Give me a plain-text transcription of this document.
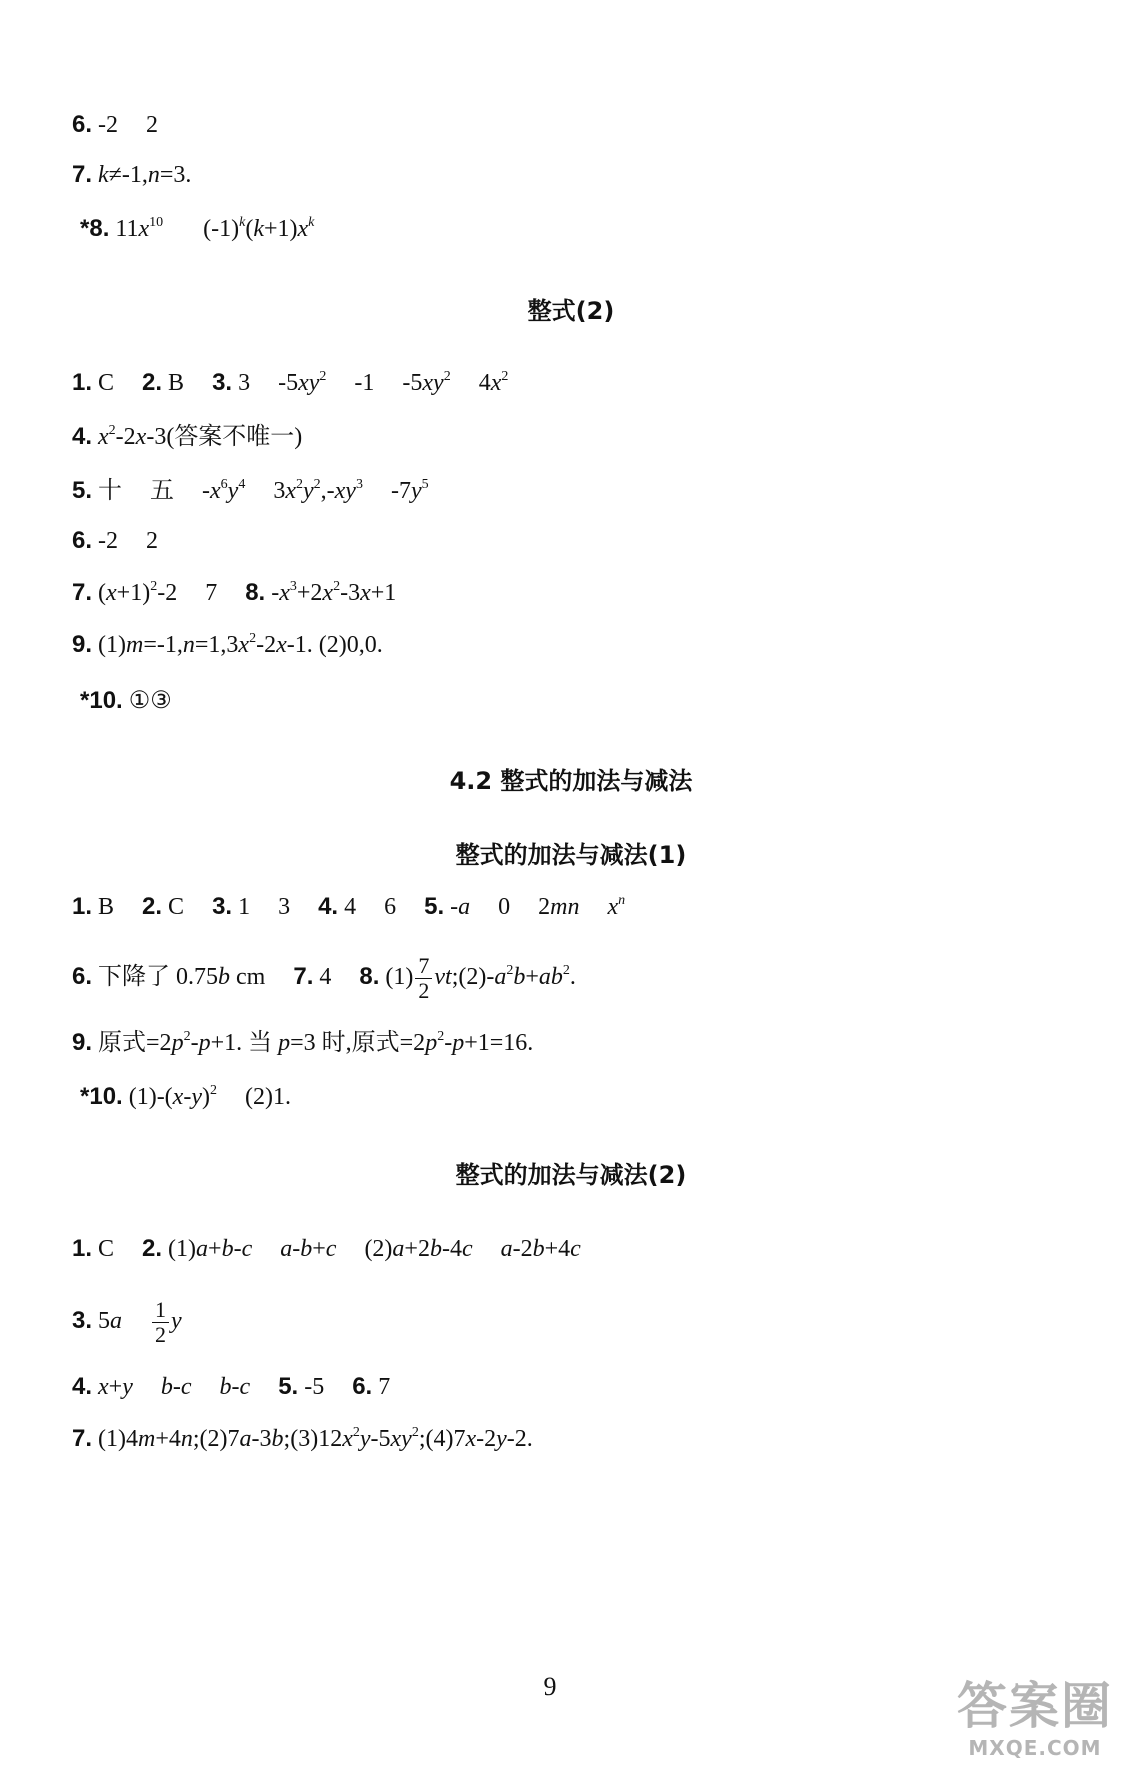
6. -2 2
7. k≠-1,n=3.
*8. $11x^{10}$ $(-1)^k(k+1)x^k$
整式(2)
1. C 2. B 3. 3 $-5xy^2$ -1 $-5xy^2$ $4x^2$
4. $x^2-2x-3$(答案不唯一)
5. 十 五 $-x^6y^4$ $3x^2y^2,-xy^3$ $-7y^5$
6. -2 2
7. $(x+1)^2-2$ 7 8. $-x^3+2x^2-3x+1$
9. $(1)m=-1,n=1,3x^2-2x-1$. (2)0,0.
*10. ①③
4.2 整式的加法与减法
整式的加法与减法(1)
1. B 2. C 3. 1 3 4. 4 6 5. -a 0 2mn $x^n$
6. 下降了 0.75b cm 7. 4 8. $(1) \frac{7}{2}$ $vt;(2)-a^2b+ab^2$.
9. 原式$=2p^2-p+1$. 当 p=3 时,原式$=2p^2-p+1=16$.
*10. $(1)-(x-y)^2$ (2)1.
整式的加法与减法(2)
1. C 2. (1)a+b-c a-b+c (2)a+2b-4c a-2b+4c
3. $5a \frac{1}{2}$ y
4. x+y b-c b-c 5. -5 6. 7
7. $(1)4m+4n;(2)7a-3b;(3)12x^2y-5xy^2;(4)7x-2y-2$.
9	答案圈
MXQE.COM
